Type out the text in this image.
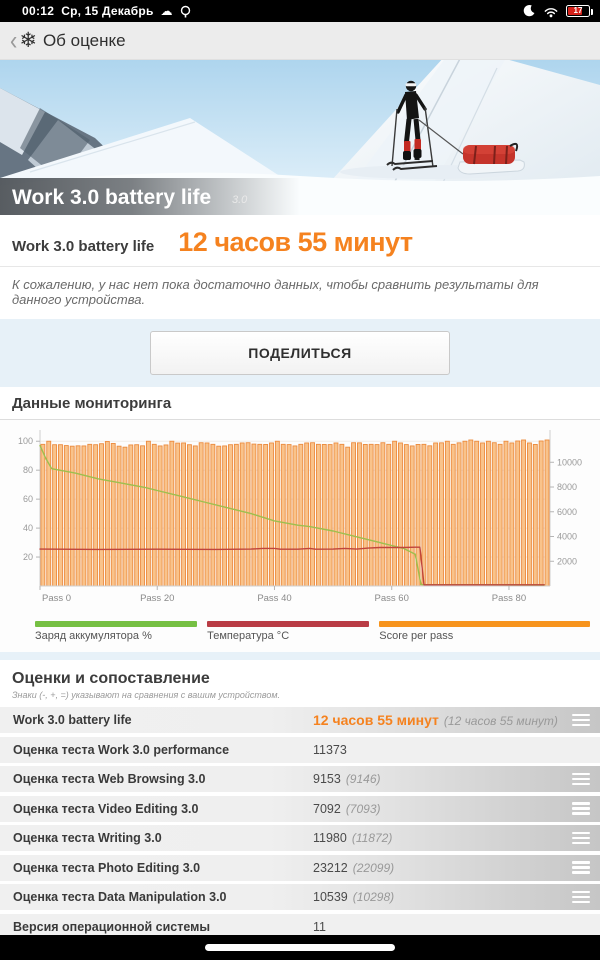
00:12 Ср, 15 Декабрь ☁	17
‹ ❄ Об оценке
Work 3.0 battery life 3.0
Work 3.0 battery life 12 часов 55 минут
К сожалению, у нас нет пока достаточно данных, чтобы сравнить результаты для данного устройства.
ПОДЕЛИТЬСЯ
Данные мониторинга
20
40
60
80
100
2000
4000
6000
8000
10000
Pass 0	Pass 20	Pass 40	Pass 60	Pass 80
Заряд аккумулятора %	Температура °C	Score per pass
Оценки и сопоставление
Знаки (-, +, =) указывают на сравнения с вашим устройством.
Work 3.0 battery life	12 часов 55 минут (12 часов 55 минут)
Оценка теста Work 3.0 performance	11373
Оценка теста Web Browsing 3.0	9153 (9146)
Оценка теста Video Editing 3.0	7092 (7093)
Оценка теста Writing 3.0	11980 (11872)
Оценка теста Photo Editing 3.0	23212 (22099)
Оценка теста Data Manipulation 3.0	10539 (10298)
Версия операционной системы	11
